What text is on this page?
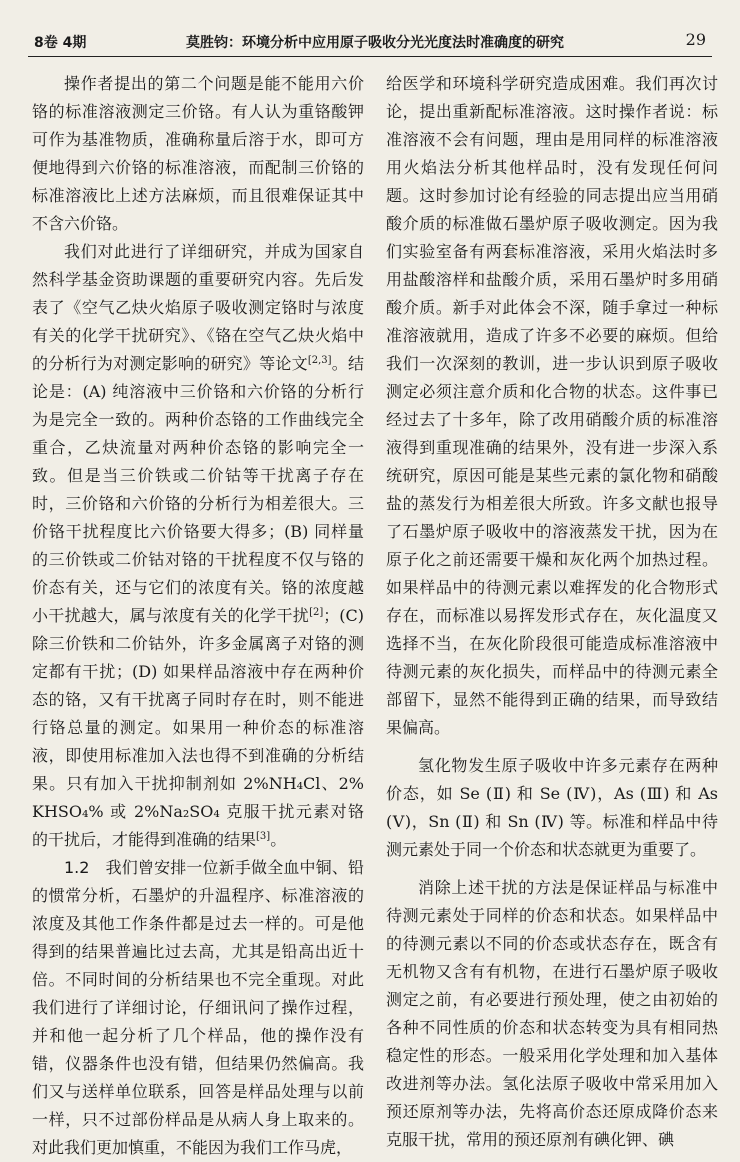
8卷 4期	莫胜钧：环境分析中应用原子吸收分光光度法时准确度的研究	29

操作者提出的第二个问题是能不能用六价铬的标准溶液测定三价铬。有人认为重铬酸钾可作为基准物质，准确称量后溶于水，即可方便地得到六价铬的标准溶液，而配制三价铬的标准溶液比上述方法麻烦，而且很难保证其中不含六价铬。

我们对此进行了详细研究，并成为国家自然科学基金资助课题的重要研究内容。先后发表了《空气乙炔火焰原子吸收测定铬时与浓度有关的化学干扰研究》、《铬在空气乙炔火焰中的分析行为对测定影响的研究》等论文[2,3]。结论是：(A) 纯溶液中三价铬和六价铬的分析行为是完全一致的。两种价态铬的工作曲线完全重合，乙炔流量对两种价态铬的影响完全一致。但是当三价铁或二价钴等干扰离子存在时，三价铬和六价铬的分析行为相差很大。三价铬干扰程度比六价铬要大得多；(B) 同样量的三价铁或二价钴对铬的干扰程度不仅与铬的价态有关，还与它们的浓度有关。铬的浓度越小干扰越大，属与浓度有关的化学干扰[2]；(C) 除三价铁和二价钴外，许多金属离子对铬的测定都有干扰；(D) 如果样品溶液中存在两种价态的铬，又有干扰离子同时存在时，则不能进行铬总量的测定。如果用一种价态的标准溶液，即使用标准加入法也得不到准确的分析结果。只有加入干扰抑制剂如 2%NH₄Cl、2% KHSO₄% 或 2%Na₂SO₄ 克服干扰元素对铬的干扰后，才能得到准确的结果[3]。

1.2  我们曾安排一位新手做全血中铜、铅的惯常分析，石墨炉的升温程序、标准溶液的浓度及其他工作条件都是过去一样的。可是他得到的结果普遍比过去高，尤其是铅高出近十倍。不同时间的分析结果也不完全重现。对此我们进行了详细讨论，仔细讯问了操作过程，并和他一起分析了几个样品，他的操作没有错，仪器条件也没有错，但结果仍然偏高。我们又与送样单位联系，回答是样品处理与以前一样，只不过部份样品是从病人身上取来的。对此我们更加慎重，不能因为我们工作马虎，

给医学和环境科学研究造成困难。我们再次讨论，提出重新配标准溶液。这时操作者说：标准溶液不会有问题，理由是用同样的标准溶液用火焰法分析其他样品时，没有发现任何问题。这时参加讨论有经验的同志提出应当用硝酸介质的标准做石墨炉原子吸收测定。因为我们实验室备有两套标准溶液，采用火焰法时多用盐酸溶样和盐酸介质，采用石墨炉时多用硝酸介质。新手对此体会不深，随手拿过一种标准溶液就用，造成了许多不必要的麻烦。但给我们一次深刻的教训，进一步认识到原子吸收测定必须注意介质和化合物的状态。这件事已经过去了十多年，除了改用硝酸介质的标准溶液得到重现准确的结果外，没有进一步深入系统研究，原因可能是某些元素的氯化物和硝酸盐的蒸发行为相差很大所致。许多文献也报导了石墨炉原子吸收中的溶液蒸发干扰，因为在原子化之前还需要干燥和灰化两个加热过程。如果样品中的待测元素以难挥发的化合物形式存在，而标准以易挥发形式存在，灰化温度又选择不当，在灰化阶段很可能造成标准溶液中待测元素的灰化损失，而样品中的待测元素全部留下，显然不能得到正确的结果，而导致结果偏高。

氢化物发生原子吸收中许多元素存在两种价态，如 Se (Ⅱ) 和 Se (Ⅳ)，As (Ⅲ) 和 As (Ⅴ)，Sn (Ⅱ) 和 Sn (Ⅳ) 等。标准和样品中待测元素处于同一个价态和状态就更为重要了。

消除上述干扰的方法是保证样品与标准中待测元素处于同样的价态和状态。如果样品中的待测元素以不同的价态或状态存在，既含有无机物又含有有机物，在进行石墨炉原子吸收测定之前，有必要进行预处理，使之由初始的各种不同性质的价态和状态转变为具有相同热稳定性的形态。一般采用化学处理和加入基体改进剂等办法。氢化法原子吸收中常采用加入预还原剂等办法，先将高价态还原成降价态来克服干扰，常用的预还原剂有碘化钾、碘
